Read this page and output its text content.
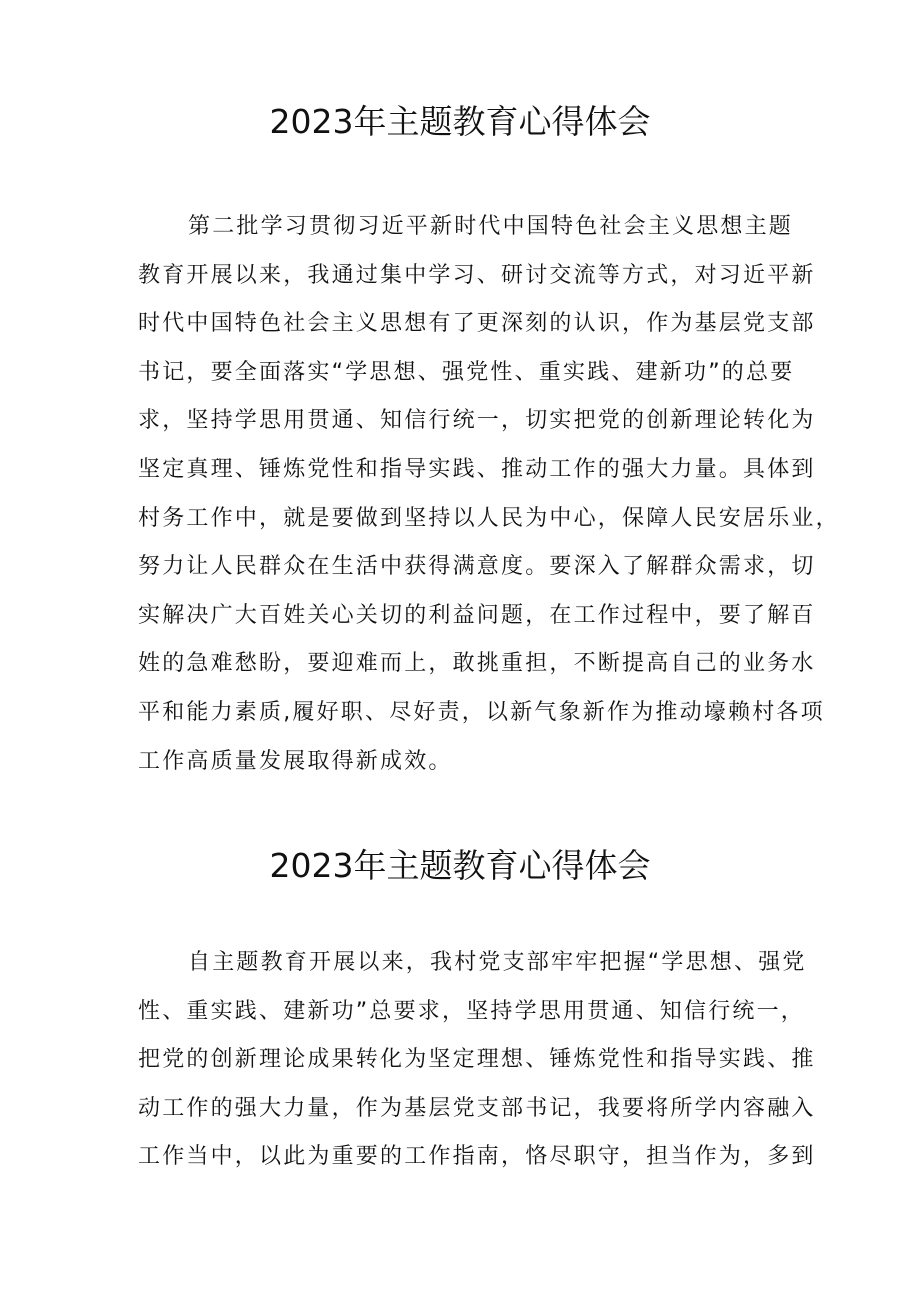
2023年主题教育心得体会
第二批学习贯彻习近平新时代中国特色社会主义思想主题
教育开展以来，我通过集中学习、研讨交流等方式，对习近平新
时代中国特色社会主义思想有了更深刻的认识，作为基层党支部
书记，要全面落实“学思想、强党性、重实践、建新功”的总要
求，坚持学思用贯通、知信行统一，切实把党的创新理论转化为
坚定真理、锤炼党性和指导实践、推动工作的强大力量。具体到
村务工作中，就是要做到坚持以人民为中心，保障人民安居乐业，
努力让人民群众在生活中获得满意度。要深入了解群众需求，切
实解决广大百姓关心关切的利益问题，在工作过程中，要了解百
姓的急难愁盼，要迎难而上，敢挑重担，不断提高自己的业务水
平和能力素质,履好职、尽好责，以新气象新作为推动壕赖村各项
工作高质量发展取得新成效。
2023年主题教育心得体会
自主题教育开展以来，我村党支部牢牢把握“学思想、强党
性、重实践、建新功”总要求，坚持学思用贯通、知信行统一，
把党的创新理论成果转化为坚定理想、锤炼党性和指导实践、推
动工作的强大力量，作为基层党支部书记，我要将所学内容融入
工作当中，以此为重要的工作指南，恪尽职守，担当作为，多到
